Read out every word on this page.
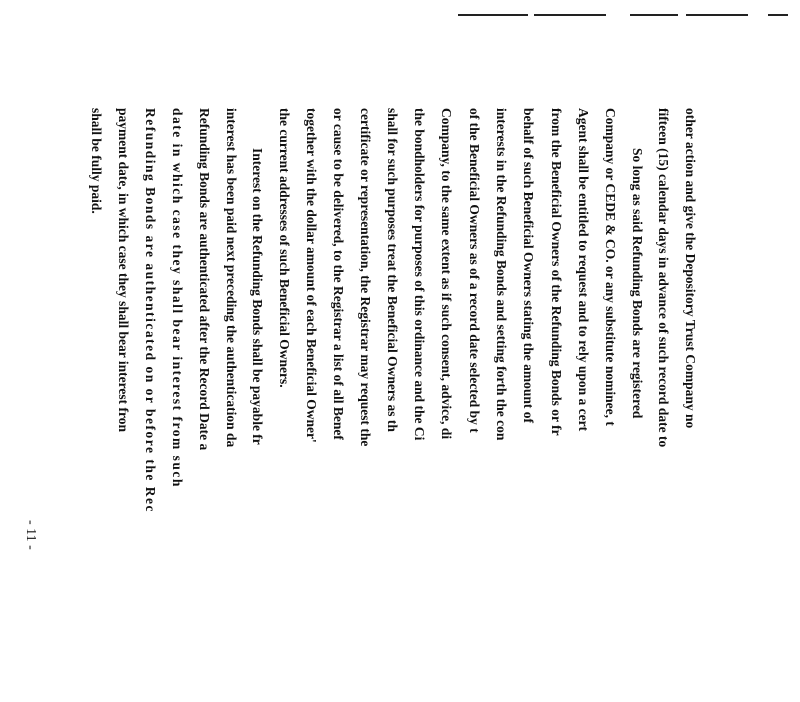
other action and give the Depository Trust Company no
fifteen (15) calendar days in advance of such record date to
So long as said Refunding Bonds are registered
Company or CEDE & CO. or any substitute nominee, t
Agent shall be entitled to request and to rely upon a cert
from the Beneficial Owners of the Refunding Bonds or fr
behalf of such Beneficial Owners stating the amount of
interests in the Refunding Bonds and setting forth the con
of the Beneficial Owners as of a record date selected by t
Company, to the same extent as if such consent, advice, di
the bondholders for purposes of this ordinance and the Ci
shall for such purposes treat the Beneficial Owners as th
certificate or representation, the Registrar may request the
or cause to be delivered, to the Registrar a list of all Benef
together with the dollar amount of each Beneficial Owner'
the current addresses of such Beneficial Owners.
Interest on the Refunding Bonds shall be payable fr
interest has been paid next preceding the authentication da
Refunding Bonds are authenticated after the Record Date a
date in which case they shall bear interest from such
Refunding Bonds are authenticated on or before the Rec
payment date, in which case they shall bear interest fron
shall be fully paid.
- 11 -
